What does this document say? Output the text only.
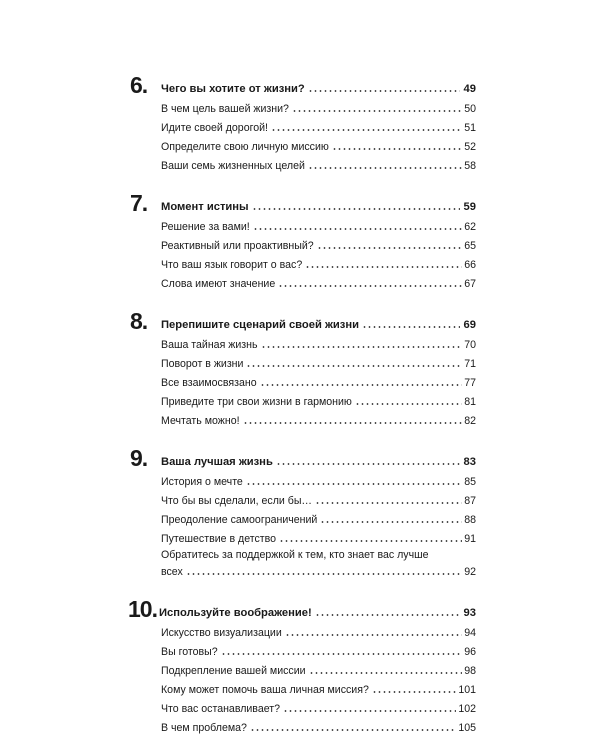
6.	Чего вы хотите от жизни?	49
В чем цель вашей жизни?	50
Идите своей дорогой!	51
Определите свою личную миссию	52
Ваши семь жизненных целей	58
7.	Момент истины	59
Решение за вами!	62
Реактивный или проактивный?	65
Что ваш язык говорит о вас?	66
Слова имеют значение	67
8.	Перепишите сценарий своей жизни	69
Ваша тайная жизнь	70
Поворот в жизни	71
Все взаимосвязано	77
Приведите три свои жизни в гармонию	81
Мечтать можно!	82
9.	Ваша лучшая жизнь	83
История о мечте	85
Что бы вы сделали, если бы…	87
Преодоление самоограничений	88
Путешествие в детство	91
Обратитесь за поддержкой к тем, кто знает вас лучше
всех	92
10. Используйте воображение!	93
Искусство визуализации	94
Вы готовы?	96
Подкрепление вашей миссии	98
Кому может помочь ваша личная миссия?	101
Что вас останавливает?	102
В чем проблема?	105
